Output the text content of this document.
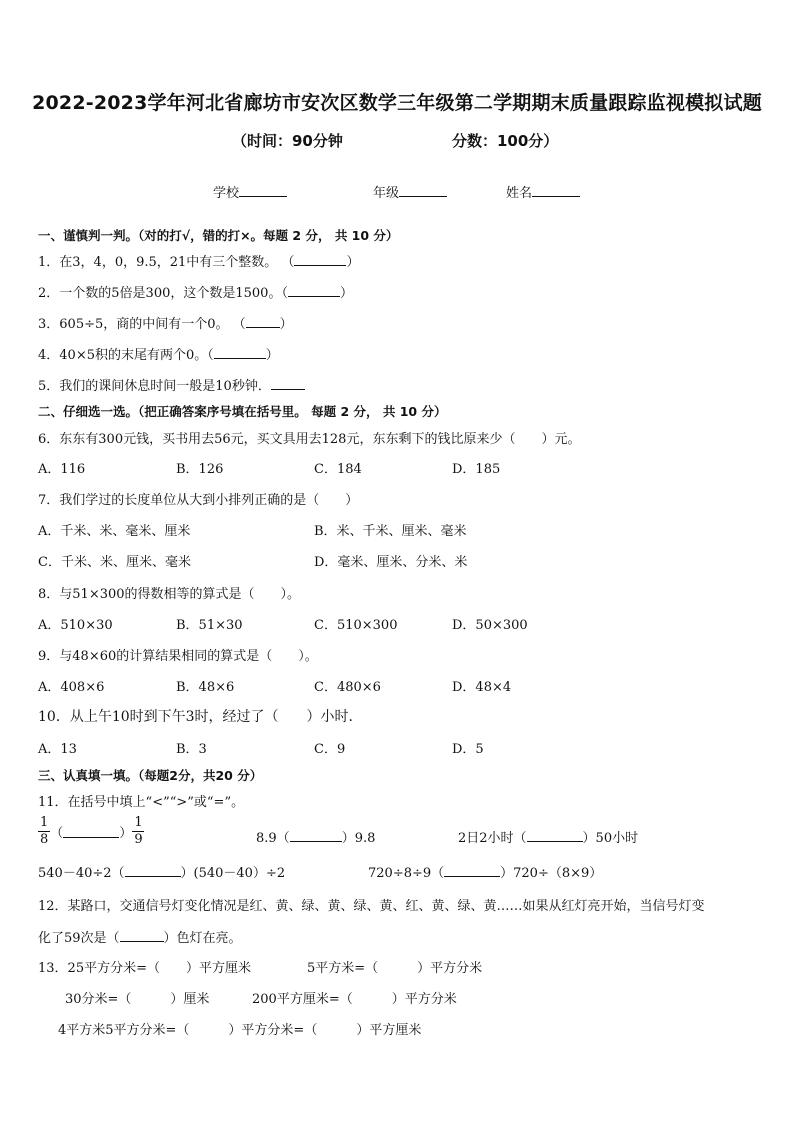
2022-2023学年河北省廊坊市安次区数学三年级第二学期期末质量跟踪监视模拟试题
（时间：90分钟	分数：100分）
学校	年级	姓名
一、谨慎判一判。（对的打√，错的打×。每题 2 分， 共 10 分）
1．在3，4，0，9.5，21中有三个整数。 （	）
2．一个数的5倍是300，这个数是1500。（	）
3．605÷5，商的中间有一个0。 （	）
4．40×5积的末尾有两个0。（	）
5．我们的课间休息时间一般是10秒钟．
二、仔细选一选。（把正确答案序号填在括号里。 每题 2 分， 共 10 分）
6．东东有300元钱，买书用去56元，买文具用去128元，东东剩下的钱比原来少（　　）元。
A．116	B．126	C．184	D．185
7．我们学过的长度单位从大到小排列正确的是（　　）
A．千米、米、毫米、厘米	B．米、千米、厘米、毫米
C．千米、米、厘米、毫米	D．毫米、厘米、分米、米
8．与51×300的得数相等的算式是（　　）。
A．510×30	B．51×30	C．510×300	D．50×300
9．与48×60的计算结果相同的算式是（　　）。
A．408×6	B．48×6	C．480×6	D．48×4
10．从上午10时到下午3时，经过了（　　）小时.
A．13	B．3	C．9	D．5
三、认真填一填。（每题2分，共20 分）
11．在括号中填上“<”“>”或“=”。
$\frac{1}{8}$ （	） $\frac{1}{9}$	8.9（	）9.8	2日2小时（	）50小时
540－40÷2（	）(540－40）÷2	720÷8÷9（	）720÷（8×9）
12．某路口，交通信号灯变化情况是红、黄、绿、黄、绿、黄、红、黄、绿、黄……如果从红灯亮开始，当信号灯变
化了59次是（	）色灯在亮。
13．25平方分米=（　　）平方厘米	5平方米=（　　　）平方分米
30分米=（　　　）厘米	200平方厘米=（　　　）平方分米
4平方米5平方分米=（　　　）平方分米=（　　　）平方厘米
